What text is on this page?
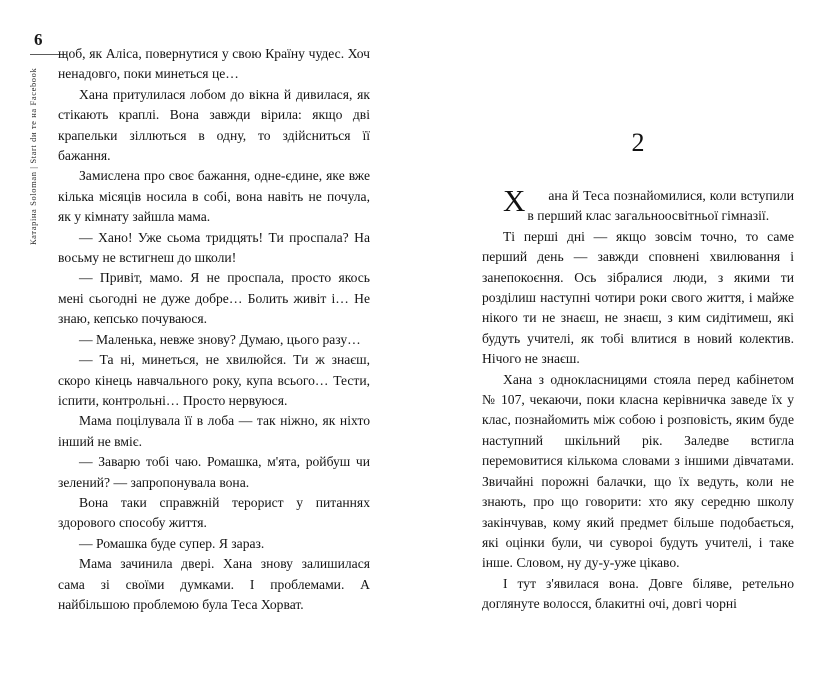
6
Катаріна Soloman | Start dи те на Facebook

щоб, як Аліса, повернутися у свою Країну чудес. Хоч ненадовго, поки минеться це…

Хана притулилася лобом до вікна й дивилася, як стікають краплі. Вона завжди вірила: якщо дві крапельки зіллються в одну, то здійсниться її бажання.

Замислена про своє бажання, одне-єдине, яке вже кілька місяців носила в собі, вона навіть не почула, як у кімнату зайшла мама.

— Хано! Уже сьома тридцять! Ти проспала? На восьму не встигнеш до школи!

— Привіт, мамо. Я не проспала, просто якось мені сьогодні не дуже добре… Болить живіт і… Не знаю, кепсько почуваюся.

— Маленька, невже знову? Думаю, цього разу…

— Та ні, минеться, не хвилюйся. Ти ж знаєш, скоро кінець навчального року, купа всього… Тести, іспити, контрольні… Просто нервуюся.

Мама поцілувала її в лоба — так ніжно, як ніхто інший не вміє.

— Заварю тобі чаю. Ромашка, м'ята, ройбуш чи зелений? — запропонувала вона.

Вона таки справжній терорист у питаннях здорового способу життя.

— Ромашка буде супер. Я зараз.

Мама зачинила двері. Хана знову залишилася сама зі своїми думками. І проблемами. А найбільшою проблемою була Теса Хорват.

2

Х ана й Теса познайомилися, коли вступили в перший клас загальноосвітньої гімназії.

Ті перші дні — якщо зовсім точно, то саме перший день — завжди сповнені хвилювання і занепокоєння. Ось зібралися люди, з якими ти розділиш наступні чотири роки свого життя, і майже нікого ти не знаєш, не знаєш, з ким сидітимеш, які будуть учителі, як тобі влитися в новий колектив. Нічого не знаєш.

Хана з однокласницями стояла перед кабінетом № 107, чекаючи, поки класна керівничка заведе їх у клас, познайомить між собою і розповість, яким буде наступний шкільний рік. Заледве встигла перемовитися кількома словами з іншими дівчатами. Звичайні порожні балачки, що їх ведуть, коли не знають, про що говорити: хто яку середню школу закінчував, кому який предмет більше подобається, які оцінки були, чи сувороі будуть учителі, і таке інше. Словом, ну ду-у-уже цікаво.

І тут з'явилася вона. Довге біляве, ретельно доглянуте волосся, блакитні очі, довгі чорні
